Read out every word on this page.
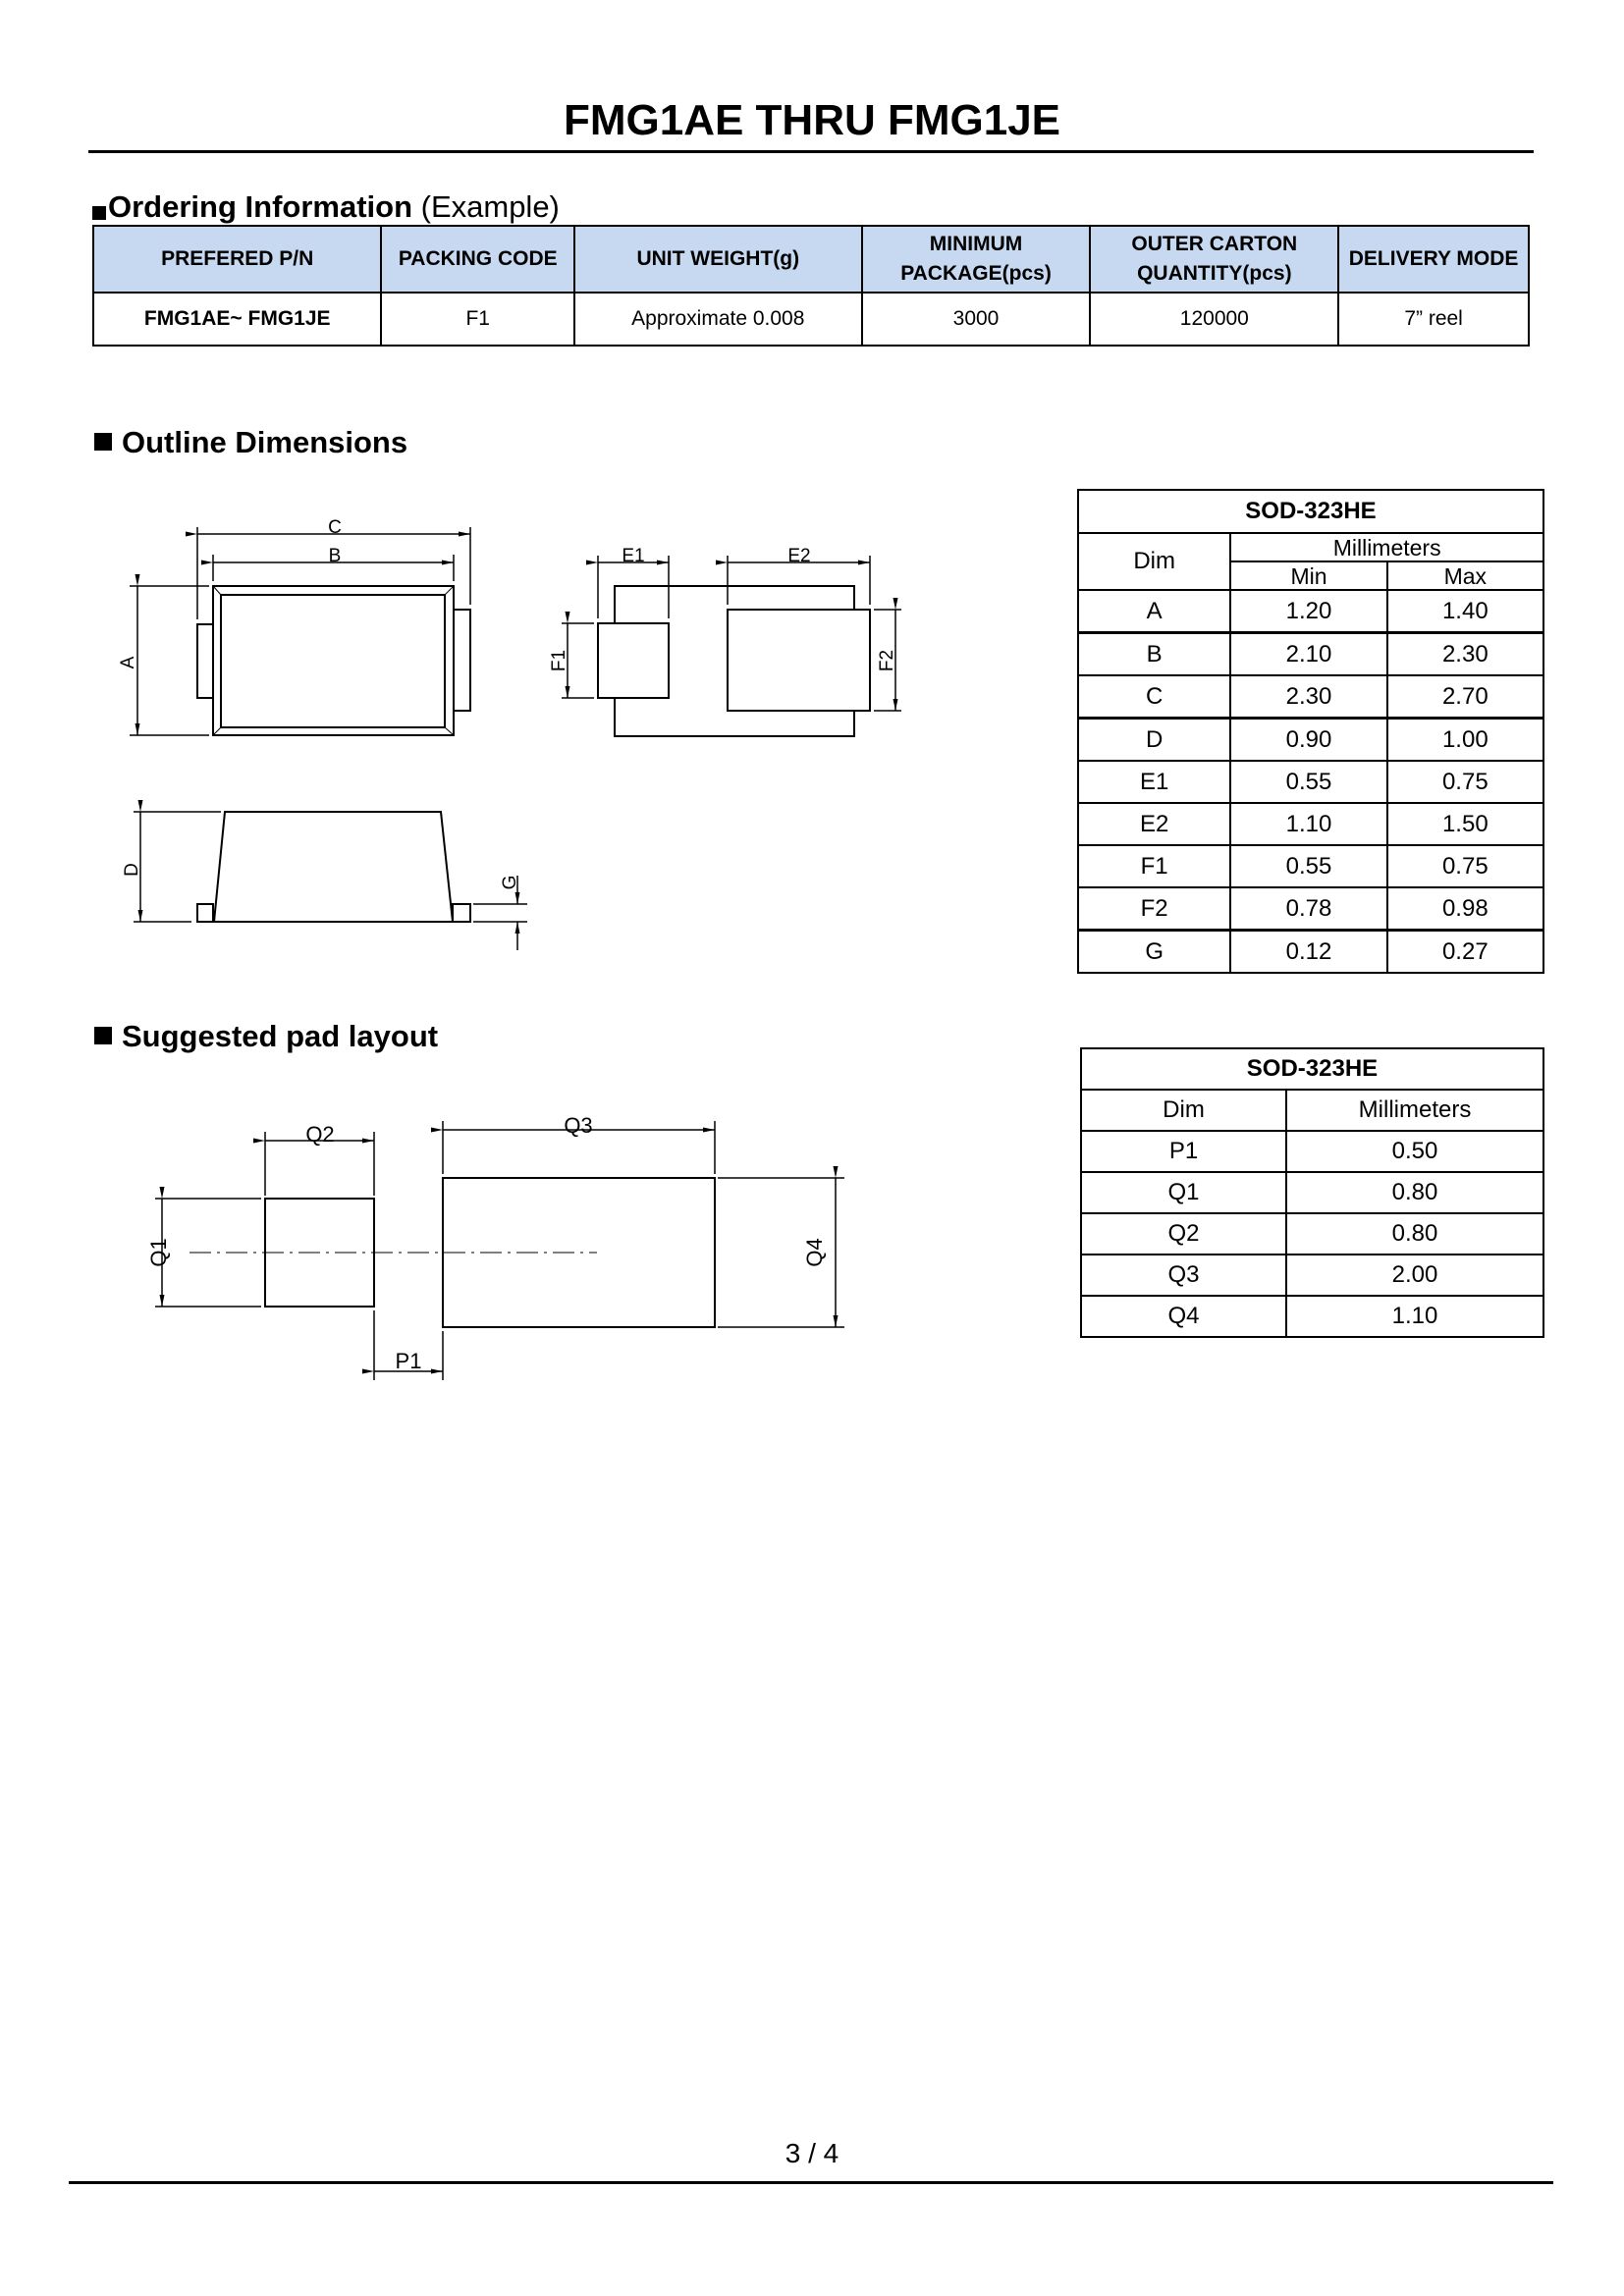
FMG1AE THRU FMG1JE
Ordering Information (Example)
PREFERED P/N	PACKING CODE	UNIT WEIGHT(g)	MINIMUM PACKAGE(pcs)	OUTER CARTON QUANTITY(pcs)	DELIVERY MODE
FMG1AE~ FMG1JE	F1	Approximate 0.008	3000	120000	7” reel
Outline Dimensions
C
B
A
E1	E2
F1	F2
D
G
Q2	Q3
Q1	Q4
P1
SOD-323HE		
Dim	Millimeters	
	Min	Max
A	1.20	1.40
B	2.10	2.30
C	2.30	2.70
D	0.90	1.00
E1	0.55	0.75
E2	1.10	1.50
F1	0.55	0.75
F2	0.78	0.98
G	0.12	0.27
Suggested pad layout
SOD-323HE	
Dim	Millimeters
P1	0.50
Q1	0.80
Q2	0.80
Q3	2.00
Q4	1.10
3 / 4
